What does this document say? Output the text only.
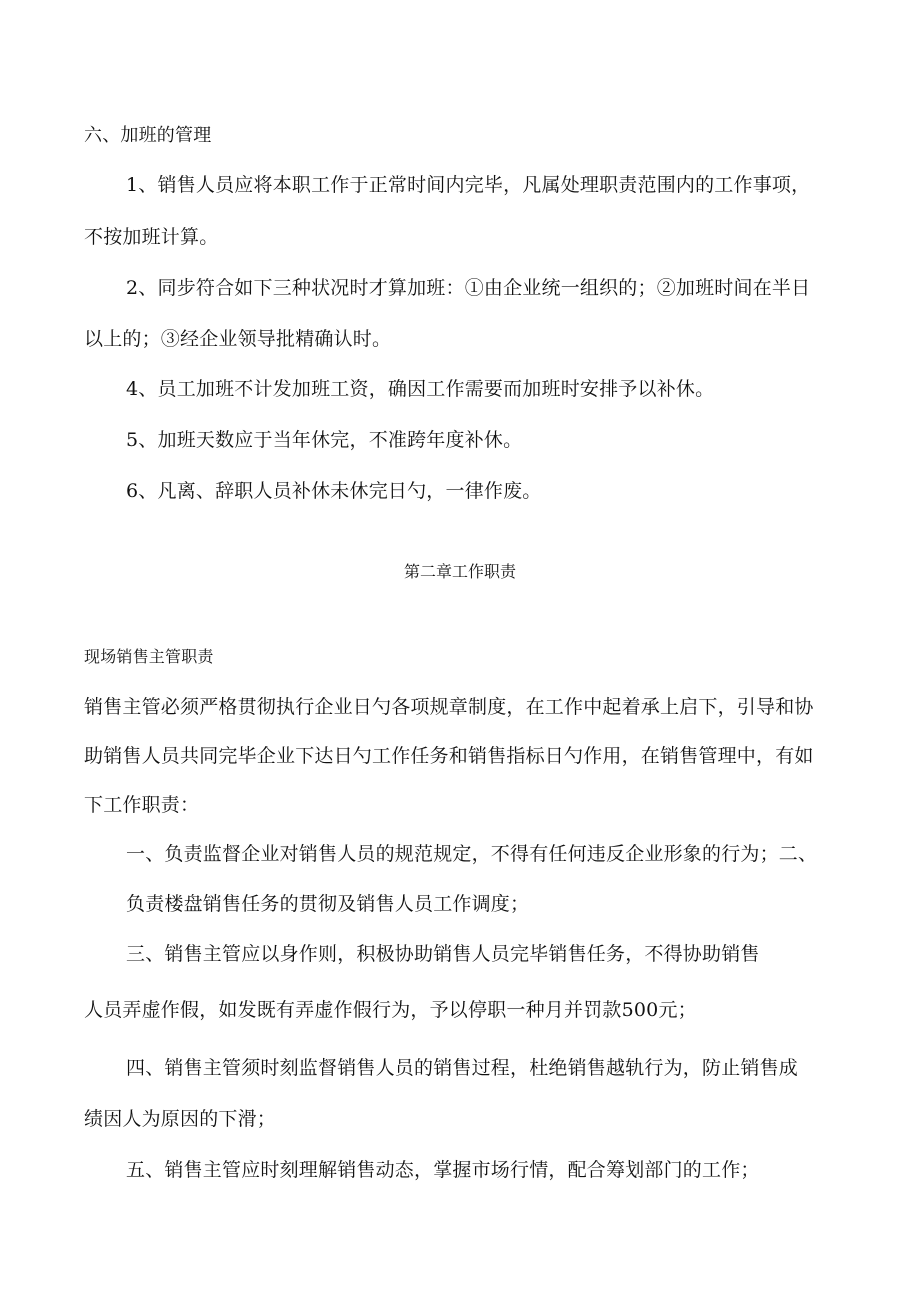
六、加班的管理
1、销售人员应将本职工作于正常时间内完毕，凡属处理职责范围内的工作事项，
不按加班计算。
2、同步符合如下三种状况时才算加班：①由企业统一组织的；②加班时间在半日
以上的；③经企业领导批精确认时。
4、员工加班不计发加班工资，确因工作需要而加班时安排予以补休。
5、加班天数应于当年休完，不准跨年度补休。
6、凡离、辞职人员补休未休完日勺，一律作废。
第二章工作职责
现场销售主管职责
销售主管必须严格贯彻执行企业日勺各项规章制度，在工作中起着承上启下，引导和协
助销售人员共同完毕企业下达日勺工作任务和销售指标日勺作用，在销售管理中，有如
下工作职责：
一、负责监督企业对销售人员的规范规定，不得有任何违反企业形象的行为；二、
负责楼盘销售任务的贯彻及销售人员工作调度；
三、销售主管应以身作则，积极协助销售人员完毕销售任务，不得协助销售
人员弄虚作假，如发既有弄虚作假行为，予以停职一种月并罚款500元；
四、销售主管须时刻监督销售人员的销售过程，杜绝销售越轨行为，防止销售成
绩因人为原因的下滑；
五、销售主管应时刻理解销售动态，掌握市场行情，配合筹划部门的工作；
